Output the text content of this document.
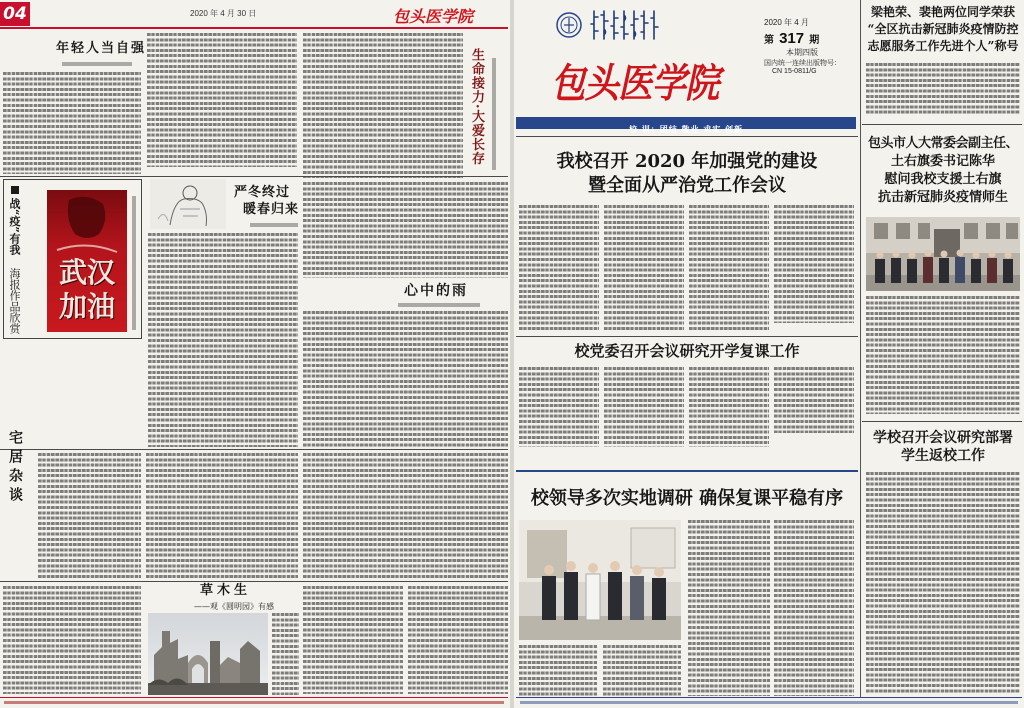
04	2020 年 4 月 30 日	包头医学院
年轻人当自强	生命接力·大爱长存
战“疫”有我
海报作品欣赏 武汉加油
严冬终过
暖春归来
心中的雨
宅居杂谈
草木生
——观《圆明园》有感
包头医学院
2020 年 4 月
第 317 期
本期四版
国内统一连续出版物号：
CN 15-0811/G
校 训：团结 敬业 求实 创新
我校召开 2020 年加强党的建设
暨全面从严治党工作会议
校党委召开会议研究开学复课工作
校领导多次实地调研 确保复课平稳有序
梁艳荣、裴艳两位同学荣获
“全区抗击新冠肺炎疫情防控
志愿服务工作先进个人”称号
包头市人大常委会副主任、
土右旗委书记陈华
慰问我校支援土右旗
抗击新冠肺炎疫情师生
学校召开会议研究部署
学生返校工作
